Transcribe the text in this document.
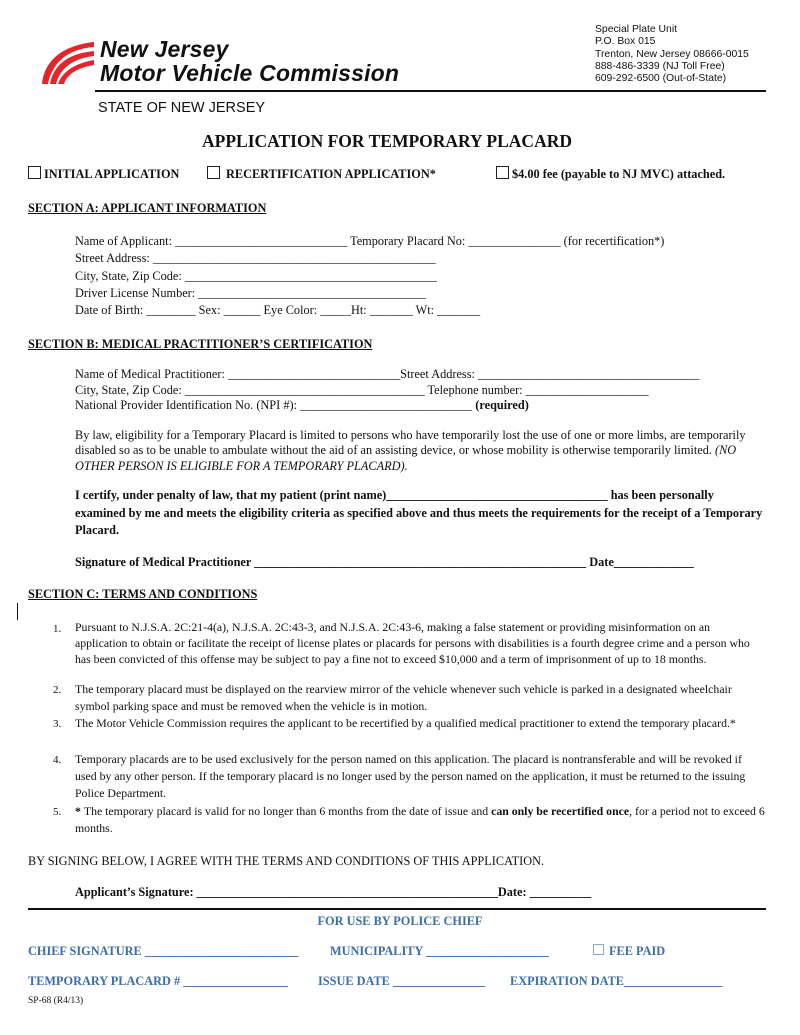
New Jersey
Motor Vehicle Commission
Special Plate Unit
P.O. Box 015
Trenton, New Jersey 08666-0015
888-486-3339 (NJ Toll Free)
609-292-6500 (Out-of-State)
STATE OF NEW JERSEY
APPLICATION FOR TEMPORARY PLACARD
INITIAL APPLICATION	RECERTIFICATION APPLICATION*	$4.00 fee (payable to NJ MVC) attached.
SECTION A: APPLICANT INFORMATION
Name of Applicant: ____________________________ Temporary Placard No: _______________ (for recertification*)
Street Address: ______________________________________________
City, State, Zip Code: _________________________________________
Driver License Number: _____________________________________
Date of Birth: ________ Sex: ______ Eye Color: _____Ht: _______ Wt: _______
SECTION B: MEDICAL PRACTITIONER’S CERTIFICATION
Name of Medical Practitioner: ____________________________Street Address: ____________________________________
City, State, Zip Code: _______________________________________ Telephone number: ____________________
National Provider Identification No. (NPI #): ____________________________ (required)
By law, eligibility for a Temporary Placard is limited to persons who have temporarily lost the use of one or more limbs, are temporarily disabled so as to be unable to ambulate without the aid of an assisting device, or whose mobility is otherwise temporarily limited. (NO OTHER PERSON IS ELIGIBLE FOR A TEMPORARY PLACARD).
I certify, under penalty of law, that my patient (print name)____________________________________ has been personally examined by me and meets the eligibility criteria as specified above and thus meets the requirements for the receipt of a Temporary Placard.
Signature of Medical Practitioner ______________________________________________________ Date_____________
SECTION C: TERMS AND CONDITIONS
1. Pursuant to N.J.S.A. 2C:21-4(a), N.J.S.A. 2C:43-3, and N.J.S.A. 2C:43-6, making a false statement or providing misinformation on an application to obtain or facilitate the receipt of license plates or placards for persons with disabilities is a fourth degree crime and a person who has been convicted of this offense may be subject to pay a fine not to exceed $10,000 and a term of imprisonment of up to 18 months.
2. The temporary placard must be displayed on the rearview mirror of the vehicle whenever such vehicle is parked in a designated wheelchair symbol parking space and must be removed when the vehicle is in motion.
3. The Motor Vehicle Commission requires the applicant to be recertified by a qualified medical practitioner to extend the temporary placard.*
4. Temporary placards are to be used exclusively for the person named on this application. The placard is nontransferable and will be revoked if used by any other person. If the temporary placard is no longer used by the person named on the application, it must be returned to the issuing Police Department.
5. * The temporary placard is valid for no longer than 6 months from the date of issue and can only be recertified once, for a period not to exceed 6 months.
BY SIGNING BELOW, I AGREE WITH THE TERMS AND CONDITIONS OF THIS APPLICATION.
Applicant’s Signature: _________________________________________________Date: __________
FOR USE BY POLICE CHIEF
CHIEF SIGNATURE _________________________	MUNICIPALITY ____________________	FEE PAID
TEMPORARY PLACARD # _________________ ISSUE DATE _______________ EXPIRATION DATE________________
SP-68 (R4/13)
